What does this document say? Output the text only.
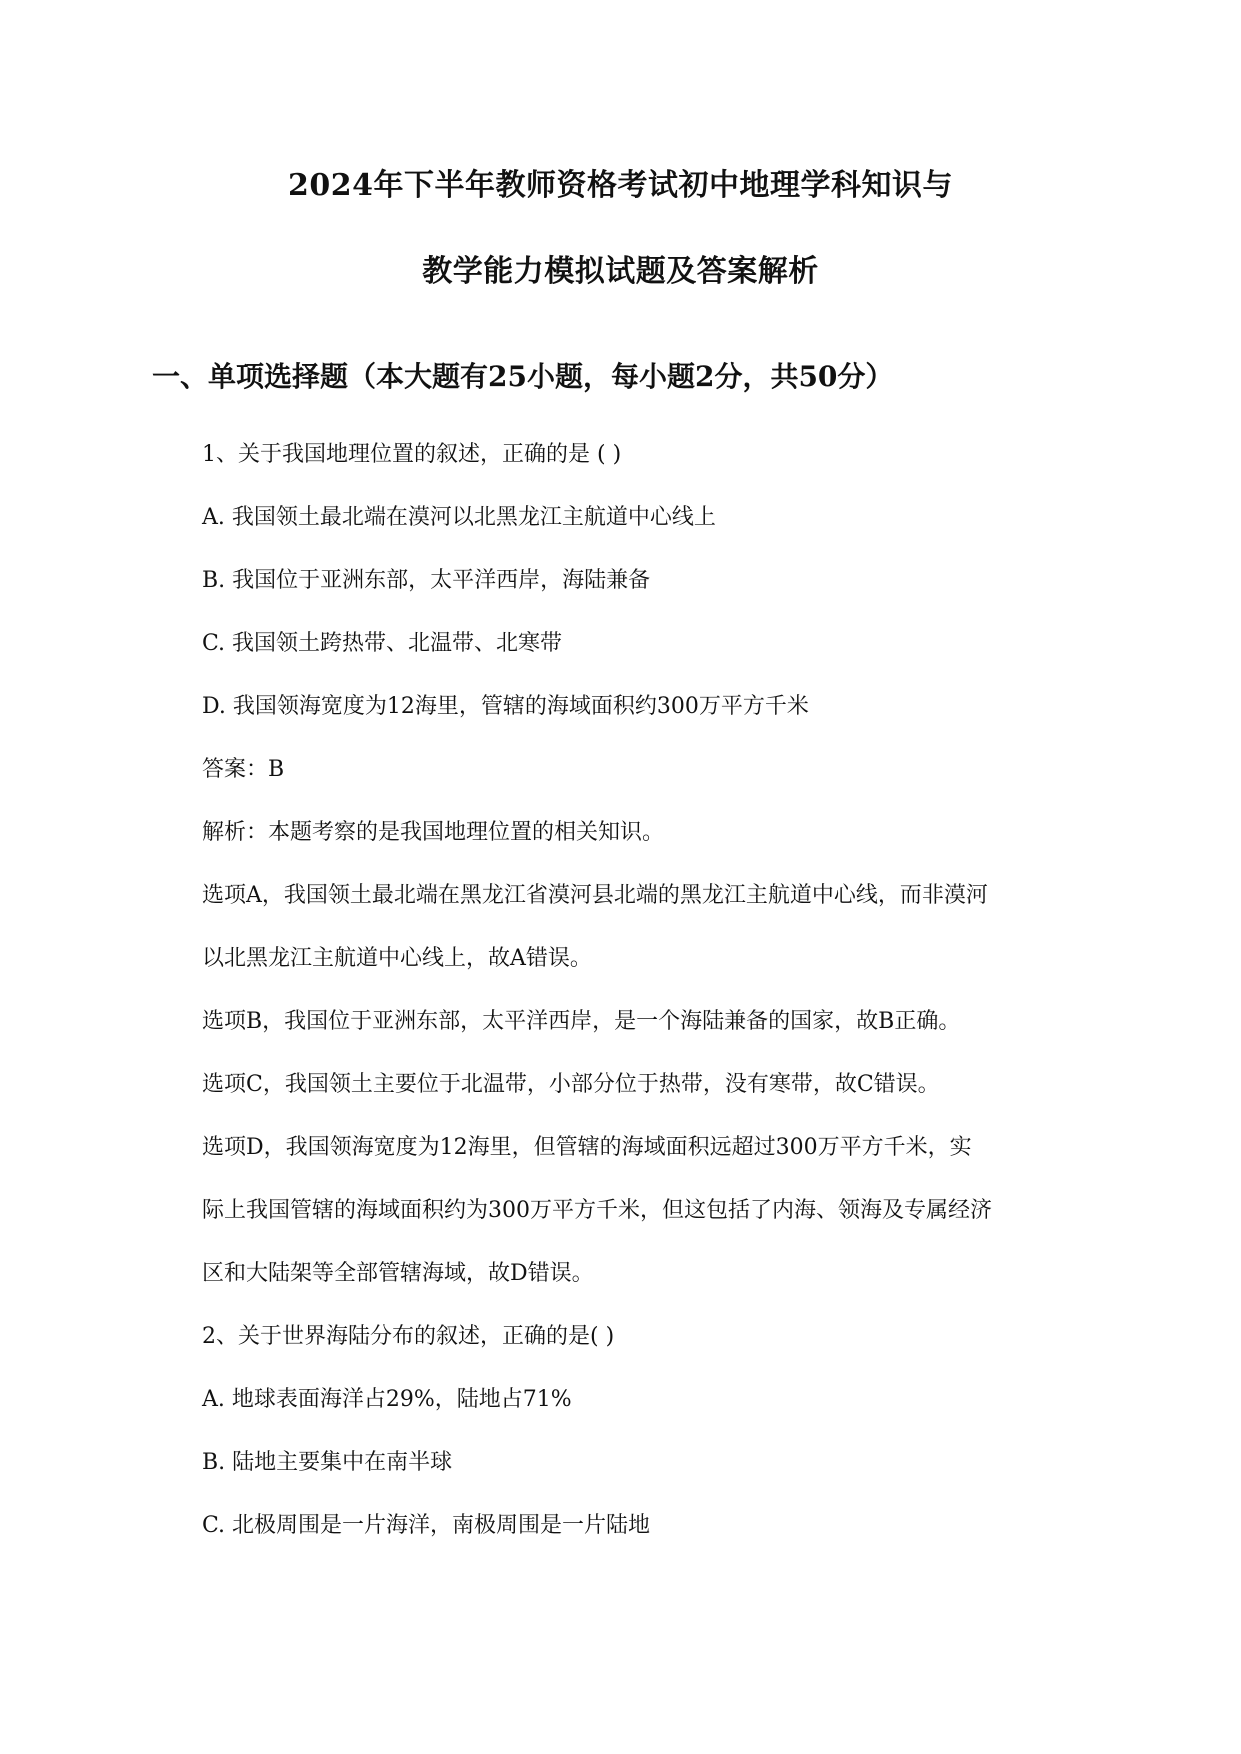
2024年下半年教师资格考试初中地理学科知识与
教学能力模拟试题及答案解析
一、单项选择题（本大题有25小题，每小题2分，共50分）
1、关于我国地理位置的叙述，正确的是 ( )
A. 我国领土最北端在漠河以北黑龙江主航道中心线上
B. 我国位于亚洲东部，太平洋西岸，海陆兼备
C. 我国领土跨热带、北温带、北寒带
D. 我国领海宽度为12海里，管辖的海域面积约300万平方千米
答案：B
解析：本题考察的是我国地理位置的相关知识。
选项A，我国领土最北端在黑龙江省漠河县北端的黑龙江主航道中心线，而非漠河
以北黑龙江主航道中心线上，故A错误。
选项B，我国位于亚洲东部，太平洋西岸，是一个海陆兼备的国家，故B正确。
选项C，我国领土主要位于北温带，小部分位于热带，没有寒带，故C错误。
选项D，我国领海宽度为12海里，但管辖的海域面积远超过300万平方千米，实
际上我国管辖的海域面积约为300万平方千米，但这包括了内海、领海及专属经济
区和大陆架等全部管辖海域，故D错误。
2、关于世界海陆分布的叙述，正确的是( )
A. 地球表面海洋占29%，陆地占71%
B. 陆地主要集中在南半球
C. 北极周围是一片海洋，南极周围是一片陆地
